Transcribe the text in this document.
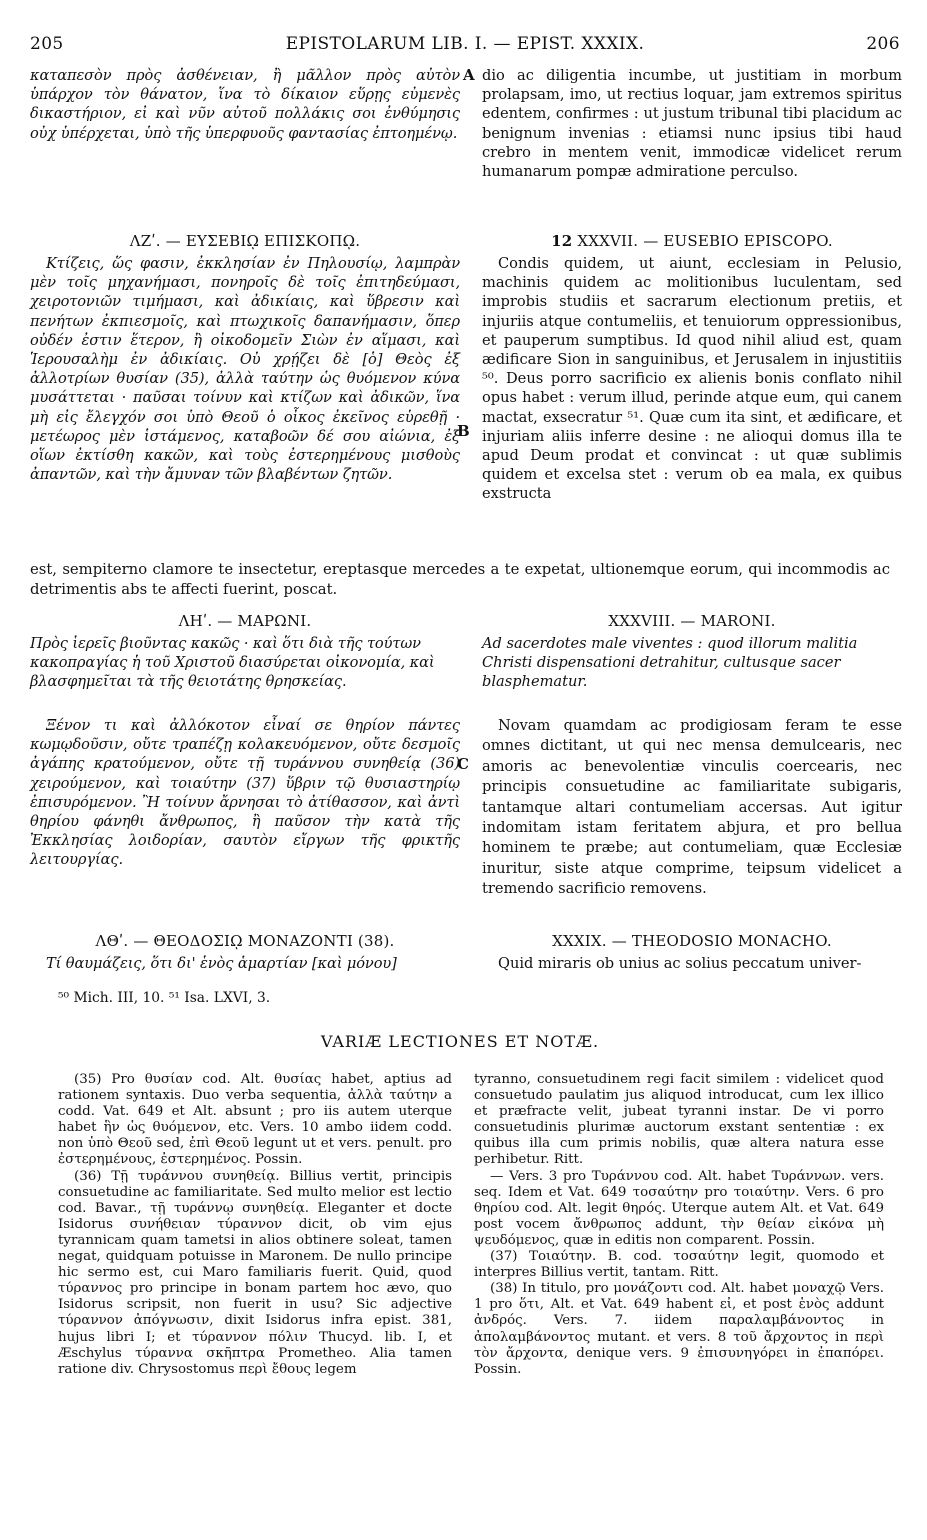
205	EPISTOLARUM LIB. I. — EPIST. XXXIX.	206
A
B
C

καταπεσὸν πρὸς ἀσθένειαν, ἢ μᾶλλον πρὸς αὐτὸν ὑπάρχον τὸν θάνατον, ἵνα τὸ δίκαιον εὕρῃς εὐμενὲς δικαστήριον, εἰ καὶ νῦν αὐτοῦ πολλάκις σοι ἐνθύμησις οὐχ ὑπέρχεται, ὑπὸ τῆς ὑπερφυοῦς φαντασίας ἐπτοημένῳ.

dio ac diligentia incumbe, ut justitiam in morbum prolapsam, imo, ut rectius loquar, jam extremos spiritus edentem, confirmes : ut justum tribunal tibi placidum ac benignum invenias : etiamsi nunc ipsius tibi haud crebro in mentem venit, immodicæ videlicet rerum humanarum pompæ admiratione perculso.

ΛΖʹ. — ΕΥΣΕΒΙῼ ΕΠΙΣΚΟΠῼ.	12 XXXVII. — EUSEBIO EPISCOPO.

Κτίζεις, ὥς φασιν, ἐκκλησίαν ἐν Πηλουσίῳ, λαμπρὰν μὲν τοῖς μηχανήμασι, πονηροῖς δὲ τοῖς ἐπιτηδεύμασι, χειροτονιῶν τιμήμασι, καὶ ἀδικίαις, καὶ ὕβρεσιν καὶ πενήτων ἐκπιεσμοῖς, καὶ πτωχικοῖς δαπανήμασιν, ὅπερ οὐδέν ἐστιν ἕτερον, ἢ οἰκοδομεῖν Σιὼν ἐν αἵμασι, καὶ Ἱερουσαλὴμ ἐν ἀδικίαις. Οὐ χρῄζει δὲ [ὁ] Θεὸς ἐξ ἀλλοτρίων θυσίαν (35), ἀλλὰ ταύτην ὡς θυόμενον κύνα μυσάττεται · παῦσαι τοίνυν καὶ κτίζων καὶ ἀδικῶν, ἵνα μὴ εἰς ἔλεγχόν σοι ὑπὸ Θεοῦ ὁ οἶκος ἐκεῖνος εὑρεθῇ · μετέωρος μὲν ἱστάμενος, καταβοῶν δέ σου αἰώνια, ἐξ οἵων ἐκτίσθη κακῶν, καὶ τοὺς ἐστερημένους μισθοὺς ἀπαντῶν, καὶ τὴν ἄμυναν τῶν βλαβέντων ζητῶν.

Condis quidem, ut aiunt, ecclesiam in Pelusio, machinis quidem ac molitionibus luculentam, sed improbis studiis et sacrarum electionum pretiis, et injuriis atque contumeliis, et tenuiorum oppressionibus, et pauperum sumptibus. Id quod nihil aliud est, quam ædificare Sion in sanguinibus, et Jerusalem in injustitiis ⁵⁰. Deus porro sacrificio ex alienis bonis conflato nihil opus habet : verum illud, perinde atque eum, qui canem mactat, exsecratur ⁵¹. Quæ cum ita sint, et ædificare, et injuriam aliis inferre desine : ne alioqui domus illa te apud Deum prodat et convincat : ut quæ sublimis quidem et excelsa stet : verum ob ea mala, ex quibus exstructa

est, sempiterno clamore te insectetur, ereptasque mercedes a te expetat, ultionemque eorum, qui incommodis ac detrimentis abs te affecti fuerint, poscat.

ΛΗʹ. — ΜΑΡΩΝΙ.	XXXVIII. — MARONI.

Πρὸς ἱερεῖς βιοῦντας κακῶς · καὶ ὅτι διὰ τῆς τούτων κακοπραγίας ἡ τοῦ Χριστοῦ διασύρεται οἰκονομία, καὶ βλασφημεῖται τὰ τῆς θειοτάτης θρησκείας.

Ad sacerdotes male viventes : quod illorum malitia Christi dispensationi detrahitur, cultusque sacer blasphematur.

Ξένον τι καὶ ἀλλόκοτον εἶναί σε θηρίον πάντες κωμῳδοῦσιν, οὔτε τραπέζῃ κολακευόμενον, οὔτε δεσμοῖς ἀγάπης κρατούμενον, οὔτε τῇ τυράννου συνηθείᾳ (36) χειρούμενον, καὶ τοιαύτην (37) ὕβριν τῷ θυσιαστηρίῳ ἐπισυρόμενον. Ἢ τοίνυν ἄρνησαι τὸ ἀτίθασσον, καὶ ἀντὶ θηρίου φάνηθι ἄνθρωπος, ἢ παῦσον τὴν κατὰ τῆς Ἐκκλησίας λοιδορίαν, σαυτὸν εἴργων τῆς φρικτῆς λειτουργίας.

Novam quamdam ac prodigiosam feram te esse omnes dictitant, ut qui nec mensa demulcearis, nec amoris ac benevolentiæ vinculis coercearis, nec principis consuetudine ac familiaritate subigaris, tantamque altari contumeliam accersas. Aut igitur indomitam istam feritatem abjura, et pro bellua hominem te præbe; aut contumeliam, quæ Ecclesiæ inuritur, siste atque comprime, teipsum videlicet a tremendo sacrificio removens.

ΛΘʹ. — ΘΕΟΔΟΣΙῼ ΜΟΝΑΖΟΝΤΙ (38).	XXXIX. — THEODOSIO MONACHO.

Τί θαυμάζεις, ὅτι δι' ἑνὸς ἁμαρτίαν [καὶ μόνου]	Quid miraris ob unius ac solius peccatum univer-

⁵⁰ Mich. III, 10. ⁵¹ Isa. LXVI, 3.
VARIÆ LECTIONES ET NOTÆ.

(35) Pro θυσίαν cod. Alt. θυσίας habet, aptius ad rationem syntaxis. Duo verba sequentia, ἀλλὰ ταύτην a codd. Vat. 649 et Alt. absunt ; pro iis autem uterque habet ἣν ὡς θυόμενον, etc. Vers. 10 ambo iidem codd. non ὑπὸ Θεοῦ sed, ἐπὶ Θεοῦ legunt ut et vers. penult. pro ἐστερημένους, ἐστερημένος. Possin.

(36) Τῇ τυράννου συνηθείᾳ. Billius vertit, principis consuetudine ac familiaritate. Sed multo melior est lectio cod. Bavar., τῇ τυράννῳ συνηθείᾳ. Eleganter et docte Isidorus συνήθειαν τύραννον dicit, ob vim ejus tyrannicam quam tametsi in alios obtinere soleat, tamen negat, quidquam potuisse in Maronem. De nullo principe hic sermo est, cui Maro familiaris fuerit. Quid, quod τύραννος pro principe in bonam partem hoc ævo, quo Isidorus scripsit, non fuerit in usu? Sic adjective τύραννον ἀπόγνωσιν, dixit Isidorus infra epist. 381, hujus libri I; et τύραννον πόλιν Thucyd. lib. I, et Æschylus τύραννα σκῆπτρα Prometheo. Alia tamen ratione div. Chrysostomus περὶ ἔθους legem

tyranno, consuetudinem regi facit similem : videlicet quod consuetudo paulatim jus aliquod introducat, cum lex illico et præfracte velit, jubeat tyranni instar. De vi porro consuetudinis plurimæ auctorum exstant sententiæ : ex quibus illa cum primis nobilis, quæ altera natura esse perhibetur. Ritt.

— Vers. 3 pro Τυράννου cod. Alt. habet Τυράννων. vers. seq. Idem et Vat. 649 τοσαύτην pro τοιαύτην. Vers. 6 pro θηρίου cod. Alt. legit θηρός. Uterque autem Alt. et Vat. 649 post vocem ἄνθρωπος addunt, τὴν θείαν εἰκόνα μὴ ψευδόμενος, quæ in editis non comparent. Possin.

(37) Τοιαύτην. B. cod. τοσαύτην legit, quomodo et interpres Billius vertit, tantam. Ritt.

(38) In titulo, pro μονάζοντι cod. Alt. habet μοναχῷ Vers. 1 pro ὅτι, Alt. et Vat. 649 habent εἰ, et post ἑνὸς addunt ἀνδρός. Vers. 7. iidem παραλαμβάνοντος in ἀπολαμβάνοντος mutant. et vers. 8 τοῦ ἄρχοντος in περὶ τὸν ἄρχοντα, denique vers. 9 ἐπισυνηγόρει in ἐπαπόρει. Possin.
